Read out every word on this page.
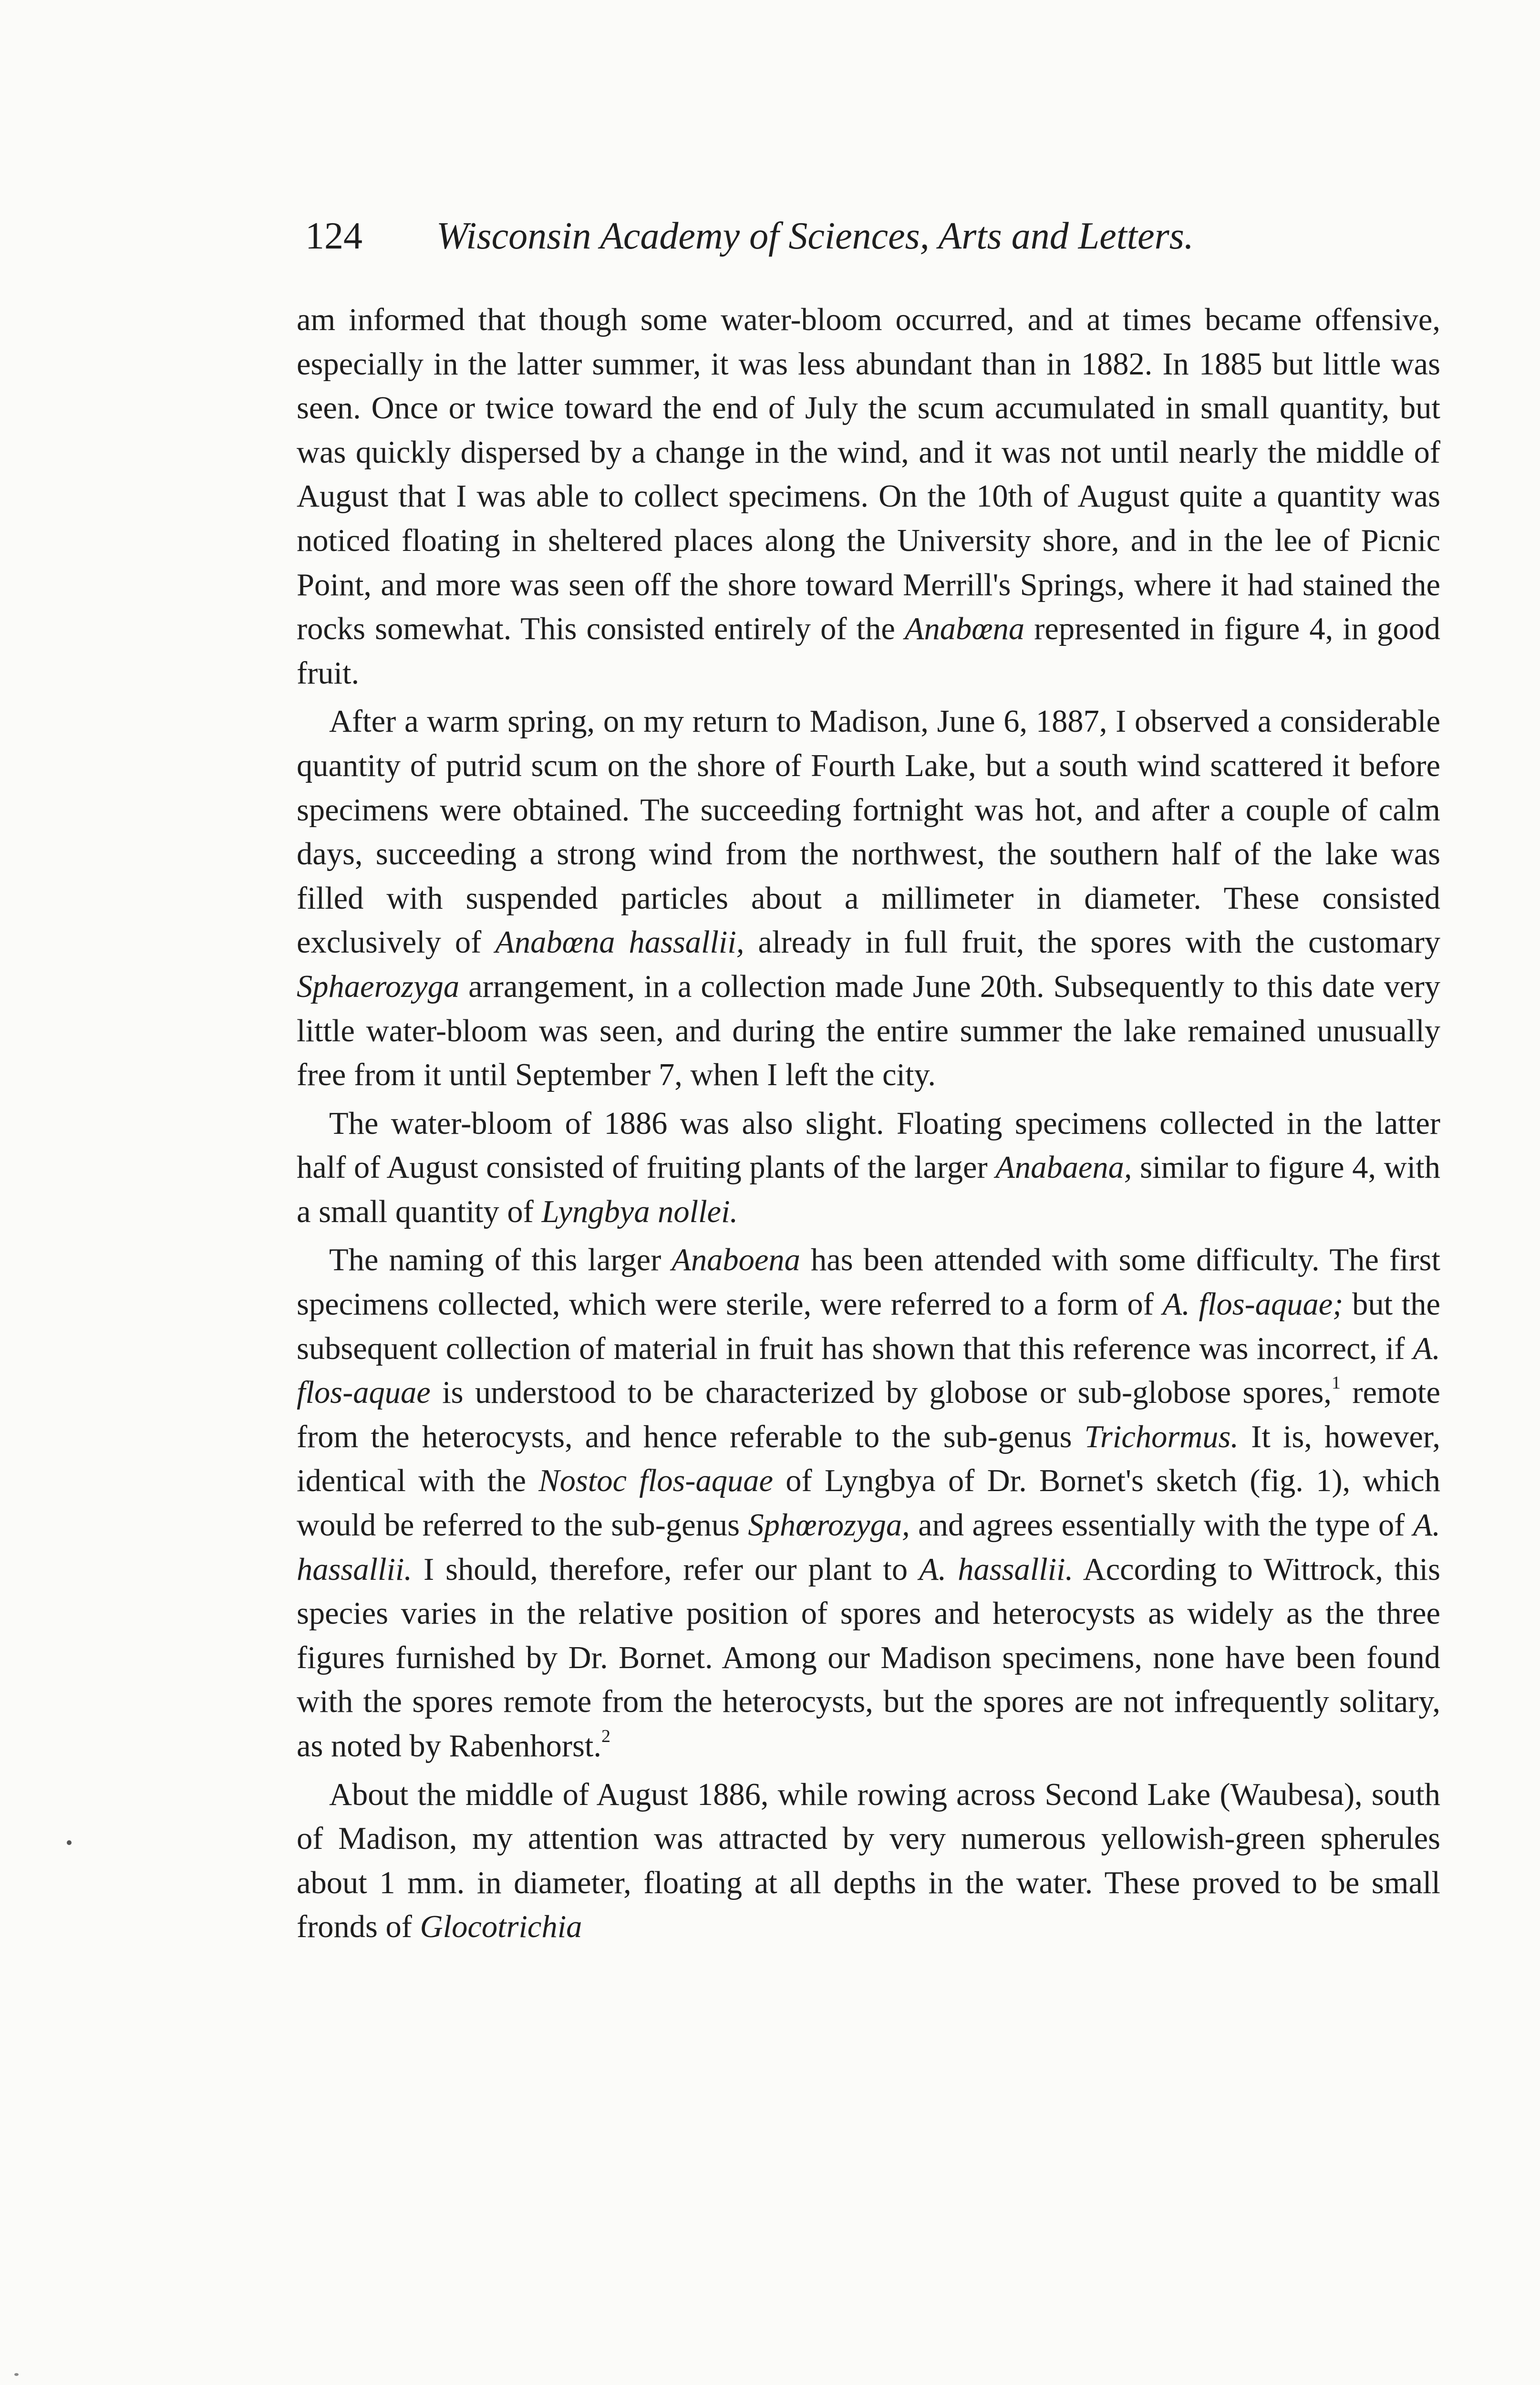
124 Wisconsin Academy of Sciences, Arts and Letters.

am informed that though some water-bloom occurred, and at times became offensive, especially in the latter summer, it was less abundant than in 1882. In 1885 but little was seen. Once or twice toward the end of July the scum accumulated in small quantity, but was quickly dispersed by a change in the wind, and it was not until nearly the middle of August that I was able to collect specimens. On the 10th of August quite a quantity was noticed floating in sheltered places along the University shore, and in the lee of Picnic Point, and more was seen off the shore toward Merrill's Springs, where it had stained the rocks somewhat. This consisted entirely of the Anabœna represented in figure 4, in good fruit.

After a warm spring, on my return to Madison, June 6, 1887, I observed a considerable quantity of putrid scum on the shore of Fourth Lake, but a south wind scattered it before specimens were obtained. The succeeding fortnight was hot, and after a couple of calm days, succeeding a strong wind from the northwest, the southern half of the lake was filled with suspended particles about a millimeter in diameter. These consisted exclusively of Anabœna hassallii, already in full fruit, the spores with the customary Sphaerozyga arrangement, in a collection made June 20th. Subsequently to this date very little water-bloom was seen, and during the entire summer the lake remained unusually free from it until September 7, when I left the city.

The water-bloom of 1886 was also slight. Floating specimens collected in the latter half of August consisted of fruiting plants of the larger Anabaena, similar to figure 4, with a small quantity of Lyngbya nollei.

The naming of this larger Anaboena has been attended with some difficulty. The first specimens collected, which were sterile, were referred to a form of A. flos-aquae; but the subsequent collection of material in fruit has shown that this reference was incorrect, if A. flos-aquae is understood to be characterized by globose or sub-globose spores,$^1$ remote from the heterocysts, and hence referable to the sub-genus Trichormus. It is, however, identical with the Nostoc flos-aquae of Lyngbya of Dr. Bornet's sketch (fig. 1), which would be referred to the sub-genus Sphœrozyga, and agrees essentially with the type of A. hassallii. I should, therefore, refer our plant to A. hassallii. According to Wittrock, this species varies in the relative position of spores and heterocysts as widely as the three figures furnished by Dr. Bornet. Among our Madison specimens, none have been found with the spores remote from the heterocysts, but the spores are not infrequently solitary, as noted by Rabenhorst.$^2$

About the middle of August 1886, while rowing across Second Lake (Waubesa), south of Madison, my attention was attracted by very numerous yellowish-green spherules about 1 mm. in diameter, floating at all depths in the water. These proved to be small fronds of Glocotrichia
